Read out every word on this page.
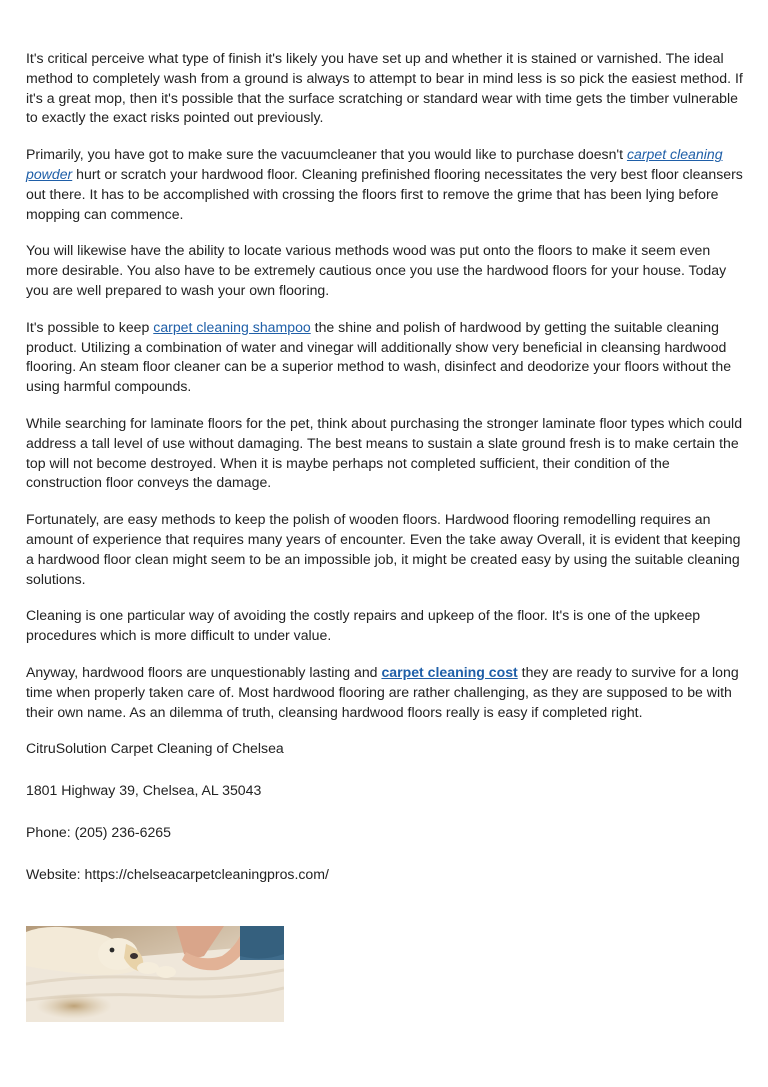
It's critical perceive what type of finish it's likely you have set up and whether it is stained or varnished. The ideal method to completely wash from a ground is always to attempt to bear in mind less is so pick the easiest method. If it's a great mop, then it's possible that the surface scratching or standard wear with time gets the timber vulnerable to exactly the exact risks pointed out previously.

Primarily, you have got to make sure the vacuumcleaner that you would like to purchase doesn't carpet cleaning powder hurt or scratch your hardwood floor. Cleaning prefinished flooring necessitates the very best floor cleansers out there. It has to be accomplished with crossing the floors first to remove the grime that has been lying before mopping can commence.

You will likewise have the ability to locate various methods wood was put onto the floors to make it seem even more desirable. You also have to be extremely cautious once you use the hardwood floors for your house. Today you are well prepared to wash your own flooring.

It's possible to keep carpet cleaning shampoo the shine and polish of hardwood by getting the suitable cleaning product. Utilizing a combination of water and vinegar will additionally show very beneficial in cleansing hardwood flooring. An steam floor cleaner can be a superior method to wash, disinfect and deodorize your floors without the using harmful compounds.

While searching for laminate floors for the pet, think about purchasing the stronger laminate floor types which could address a tall level of use without damaging. The best means to sustain a slate ground fresh is to make certain the top will not become destroyed. When it is maybe perhaps not completed sufficient, their condition of the construction floor conveys the damage.

Fortunately, are easy methods to keep the polish of wooden floors. Hardwood flooring remodelling requires an amount of experience that requires many years of encounter. Even the take away Overall, it is evident that keeping a hardwood floor clean might seem to be an impossible job, it might be created easy by using the suitable cleaning solutions.

Cleaning is one particular way of avoiding the costly repairs and upkeep of the floor. It's is one of the upkeep procedures which is more difficult to under value.

Anyway, hardwood floors are unquestionably lasting and carpet cleaning cost they are ready to survive for a long time when properly taken care of. Most hardwood flooring are rather challenging, as they are supposed to be with their own name. As an dilemma of truth, cleansing hardwood floors really is easy if completed right.

CitruSolution Carpet Cleaning of Chelsea

1801 Highway 39, Chelsea, AL 35043

Phone: (205) 236-6265

Website: https://chelseacarpetcleaningpros.com/
